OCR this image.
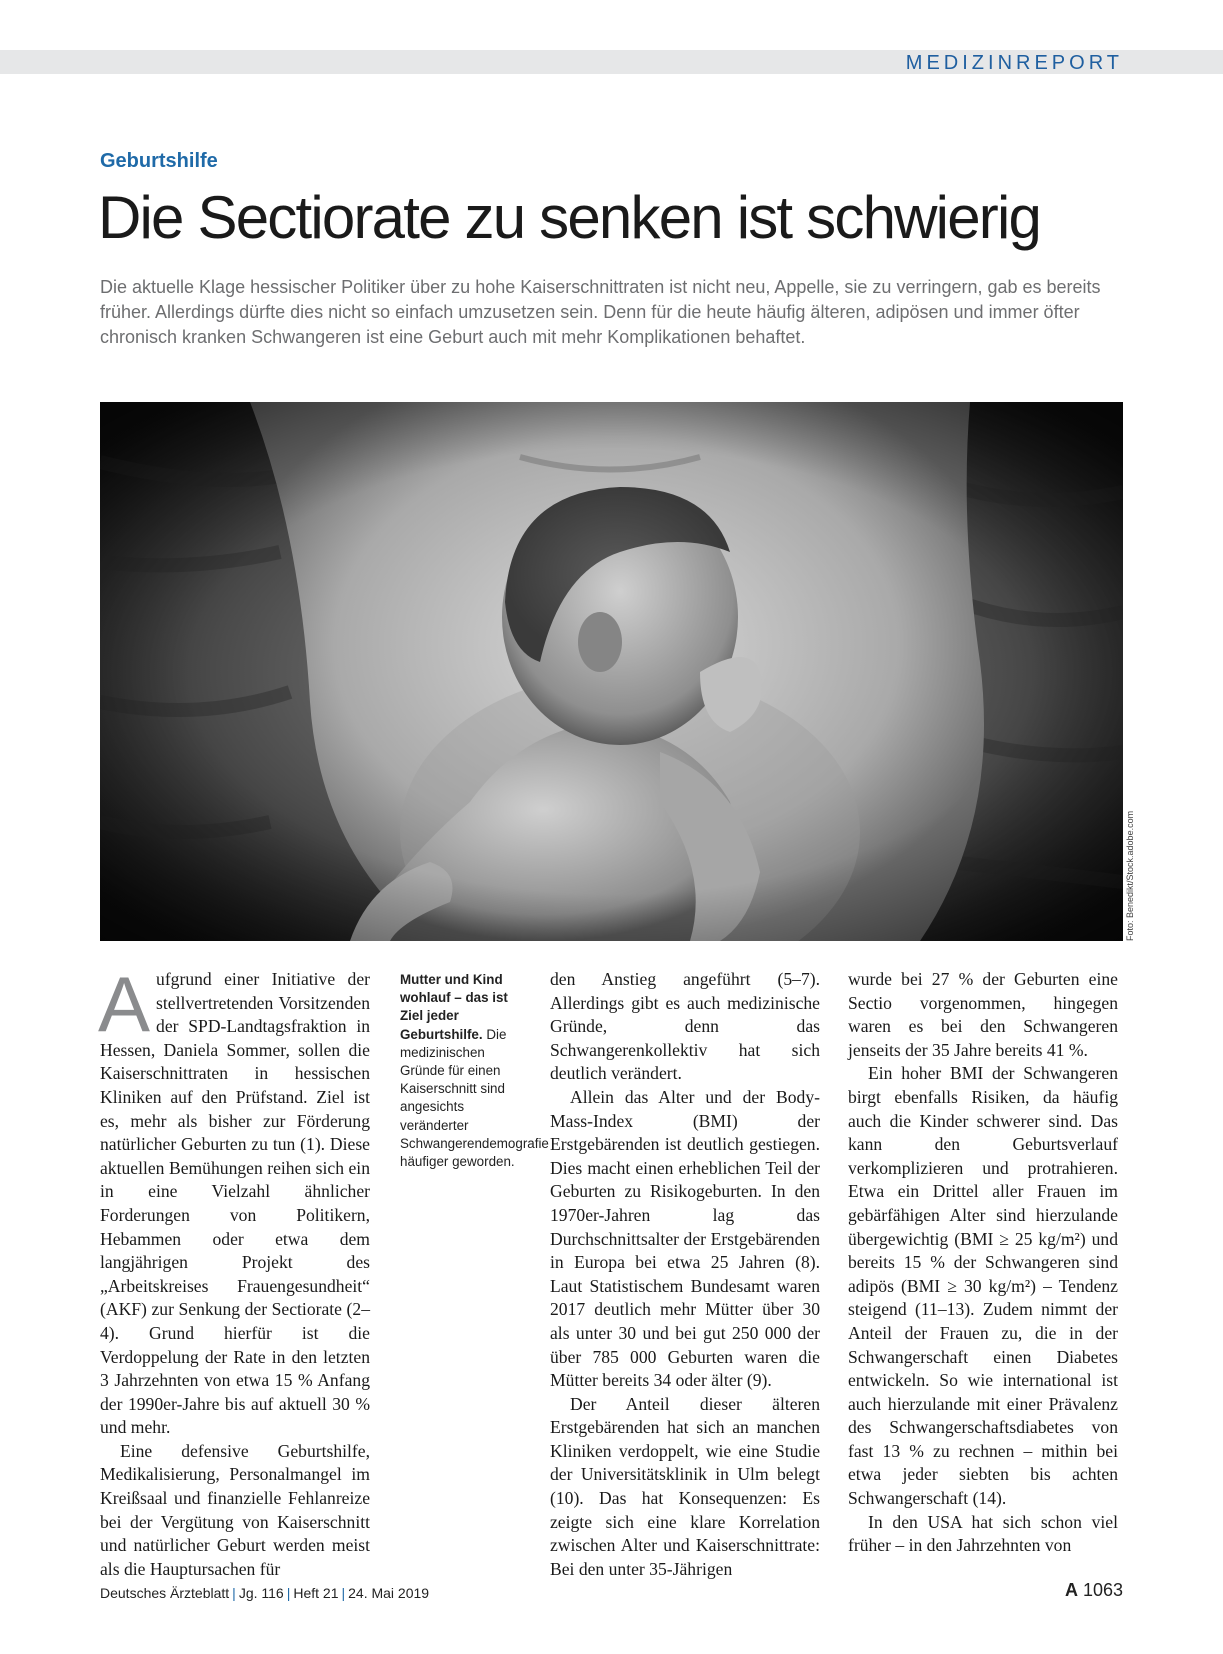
MEDIZINREPORT
Geburtshilfe
Die Sectiorate zu senken ist schwierig

Die aktuelle Klage hessischer Politiker über zu hohe Kaiserschnittraten ist nicht neu, Appelle, sie zu verringern, gab es bereits früher. Allerdings dürfte dies nicht so einfach umzusetzen sein. Denn für die heute häufig älteren, adipösen und immer öfter chronisch kranken Schwangeren ist eine Geburt auch mit mehr Komplikationen behaftet.

Foto: Benedikt/Stock.adobe.com

Aufgrund einer Initiative der stellvertretenden Vorsitzenden der SPD-Landtagsfraktion in Hessen, Daniela Sommer, sollen die Kaiserschnittraten in hessischen Kliniken auf den Prüfstand. Ziel ist es, mehr als bisher zur Förderung natürlicher Geburten zu tun (1). Diese aktuellen Bemühungen reihen sich ein in eine Vielzahl ähnlicher Forderungen von Politikern, Hebammen oder etwa dem langjährigen Projekt des „Arbeitskreises Frauengesundheit“ (AKF) zur Senkung der Sectiorate (2–4). Grund hierfür ist die Verdoppelung der Rate in den letzten 3 Jahrzehnten von etwa 15 % Anfang der 1990er-Jahre bis auf aktuell 30 % und mehr.

Eine defensive Geburtshilfe, Medikalisierung, Personalmangel im Kreißsaal und finanzielle Fehlanreize bei der Vergütung von Kaiserschnitt und natürlicher Geburt werden meist als die Hauptursachen für

Mutter und Kind wohlauf – das ist Ziel jeder Geburtshilfe. Die medizinischen Gründe für einen Kaiserschnitt sind angesichts veränderter Schwangerendemografie häufiger geworden.

den Anstieg angeführt (5–7). Allerdings gibt es auch medizinische Gründe, denn das Schwangerenkollektiv hat sich deutlich verändert.

Allein das Alter und der Body-Mass-Index (BMI) der Erstgebärenden ist deutlich gestiegen. Dies macht einen erheblichen Teil der Geburten zu Risikogeburten. In den 1970er-Jahren lag das Durchschnittsalter der Erstgebärenden in Europa bei etwa 25 Jahren (8). Laut Statistischem Bundesamt waren 2017 deutlich mehr Mütter über 30 als unter 30 und bei gut 250 000 der über 785 000 Geburten waren die Mütter bereits 34 oder älter (9).

Der Anteil dieser älteren Erstgebärenden hat sich an manchen Kliniken verdoppelt, wie eine Studie der Universitätsklinik in Ulm belegt (10). Das hat Konsequenzen: Es zeigte sich eine klare Korrelation zwischen Alter und Kaiserschnittrate: Bei den unter 35-Jährigen

wurde bei 27 % der Geburten eine Sectio vorgenommen, hingegen waren es bei den Schwangeren jenseits der 35 Jahre bereits 41 %.

Ein hoher BMI der Schwangeren birgt ebenfalls Risiken, da häufig auch die Kinder schwerer sind. Das kann den Geburtsverlauf verkomplizieren und protrahieren. Etwa ein Drittel aller Frauen im gebärfähigen Alter sind hierzulande übergewichtig (BMI ≥ 25 kg/m²) und bereits 15 % der Schwangeren sind adipös (BMI ≥ 30 kg/m²) – Tendenz steigend (11–13). Zudem nimmt der Anteil der Frauen zu, die in der Schwangerschaft einen Diabetes entwickeln. So wie international ist auch hierzulande mit einer Prävalenz des Schwangerschaftsdiabetes von fast 13 % zu rechnen – mithin bei etwa jeder siebten bis achten Schwangerschaft (14).

In den USA hat sich schon viel früher – in den Jahrzehnten von

Deutsches Ärzteblatt | Jg. 116 | Heft 21 | 24. Mai 2019	A 1063
